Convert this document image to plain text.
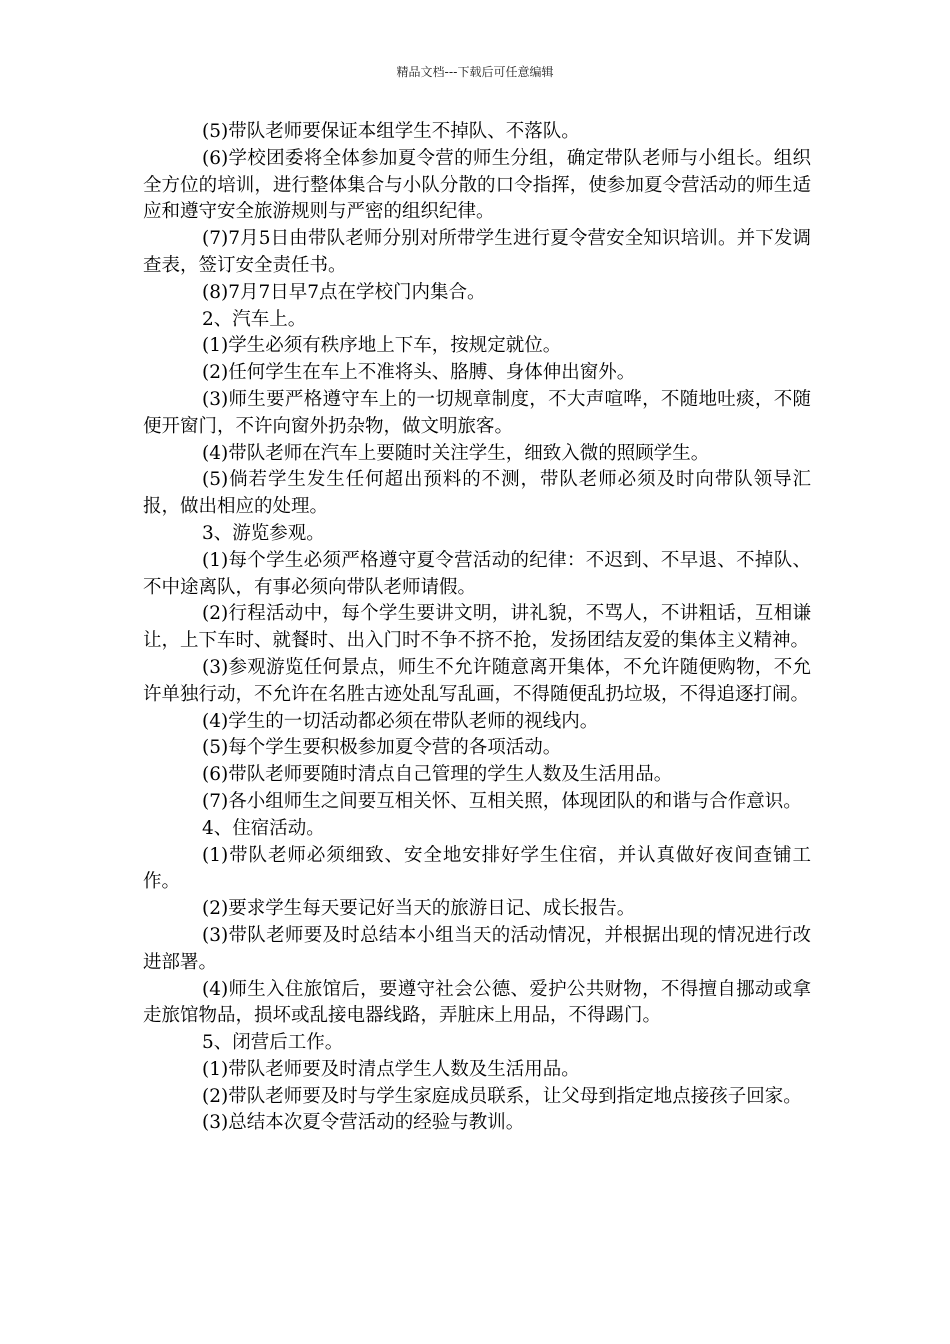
精品文档---下载后可任意编辑

(5)带队老师要保证本组学生不掉队、不落队。

(6)学校团委将全体参加夏令营的师生分组，确定带队老师与小组长。组织全方位的培训，进行整体集合与小队分散的口令指挥，使参加夏令营活动的师生适应和遵守安全旅游规则与严密的组织纪律。

(7)7月5日由带队老师分别对所带学生进行夏令营安全知识培训。并下发调查表，签订安全责任书。

(8)7月7日早7点在学校门内集合。

2、汽车上。

(1)学生必须有秩序地上下车，按规定就位。

(2)任何学生在车上不准将头、胳膊、身体伸出窗外。

(3)师生要严格遵守车上的一切规章制度，不大声喧哗，不随地吐痰，不随便开窗门，不许向窗外扔杂物，做文明旅客。

(4)带队老师在汽车上要随时关注学生，细致入微的照顾学生。

(5)倘若学生发生任何超出预料的不测，带队老师必须及时向带队领导汇报，做出相应的处理。

3、游览参观。

(1)每个学生必须严格遵守夏令营活动的纪律：不迟到、不早退、不掉队、不中途离队，有事必须向带队老师请假。

(2)行程活动中，每个学生要讲文明，讲礼貌，不骂人，不讲粗话，互相谦让，上下车时、就餐时、出入门时不争不挤不抢，发扬团结友爱的集体主义精神。

(3)参观游览任何景点，师生不允许随意离开集体，不允许随便购物，不允许单独行动，不允许在名胜古迹处乱写乱画，不得随便乱扔垃圾，不得追逐打闹。

(4)学生的一切活动都必须在带队老师的视线内。

(5)每个学生要积极参加夏令营的各项活动。

(6)带队老师要随时清点自己管理的学生人数及生活用品。

(7)各小组师生之间要互相关怀、互相关照，体现团队的和谐与合作意识。

4、住宿活动。

(1)带队老师必须细致、安全地安排好学生住宿，并认真做好夜间查铺工作。

(2)要求学生每天要记好当天的旅游日记、成长报告。

(3)带队老师要及时总结本小组当天的活动情况，并根据出现的情况进行改进部署。

(4)师生入住旅馆后，要遵守社会公德、爱护公共财物，不得擅自挪动或拿走旅馆物品，损坏或乱接电器线路，弄脏床上用品，不得踢门。

5、闭营后工作。

(1)带队老师要及时清点学生人数及生活用品。

(2)带队老师要及时与学生家庭成员联系，让父母到指定地点接孩子回家。

(3)总结本次夏令营活动的经验与教训。
